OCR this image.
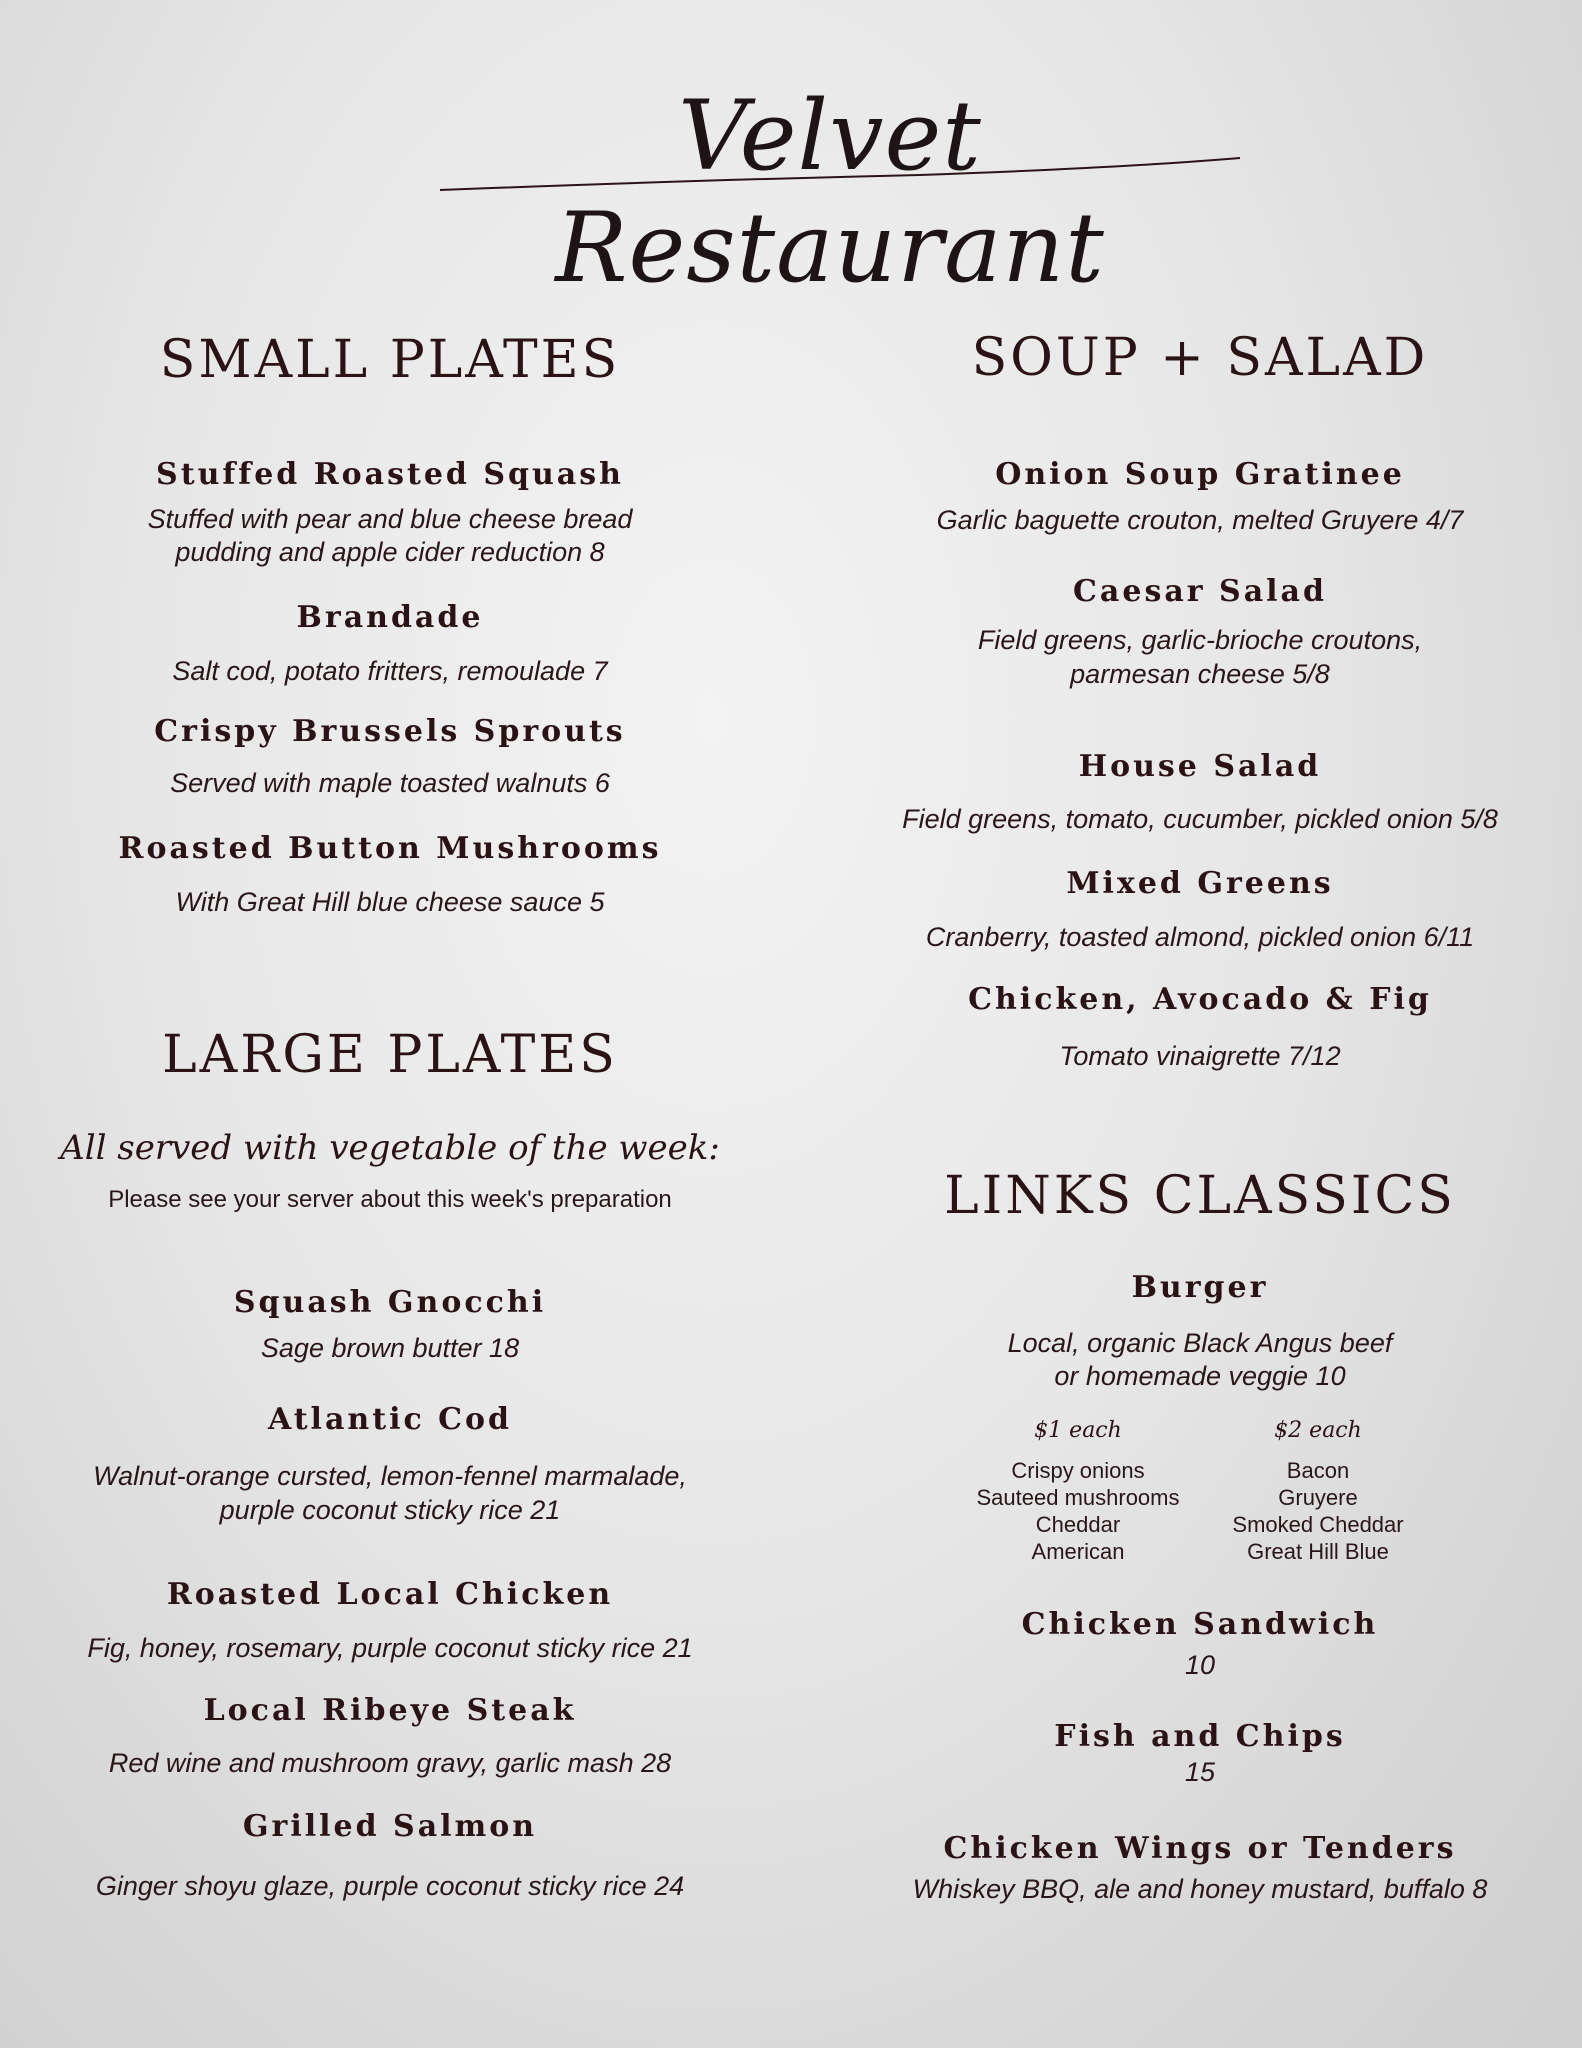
Velvet Restaurant
SMALL PLATES
Stuffed Roasted Squash
Stuffed with pear and blue cheese bread
pudding and apple cider reduction 8
Brandade
Salt cod, potato fritters, remoulade 7
Crispy Brussels Sprouts
Served with maple toasted walnuts 6
Roasted Button Mushrooms
With Great Hill blue cheese sauce 5
LARGE PLATES
All served with vegetable of the week:
Please see your server about this week's preparation
Squash Gnocchi
Sage brown butter 18
Atlantic Cod
Walnut-orange cursted, lemon-fennel marmalade,
purple coconut sticky rice 21
Roasted Local Chicken
Fig, honey, rosemary, purple coconut sticky rice 21
Local Ribeye Steak
Red wine and mushroom gravy, garlic mash 28
Grilled Salmon
Ginger shoyu glaze, purple coconut sticky rice 24
SOUP + SALAD
Onion Soup Gratinee
Garlic baguette crouton, melted Gruyere 4/7
Caesar Salad
Field greens, garlic-brioche croutons,
parmesan cheese 5/8
House Salad
Field greens, tomato, cucumber, pickled onion 5/8
Mixed Greens
Cranberry, toasted almond, pickled onion 6/11
Chicken, Avocado & Fig
Tomato vinaigrette 7/12
LINKS CLASSICS
Burger
Local, organic Black Angus beef
or homemade veggie 10
$1 each
Crispy onions
Sauteed mushrooms
Cheddar
American
$2 each
Bacon
Gruyere
Smoked Cheddar
Great Hill Blue
Chicken Sandwich
10
Fish and Chips
15
Chicken Wings or Tenders
Whiskey BBQ, ale and honey mustard, buffalo 8
